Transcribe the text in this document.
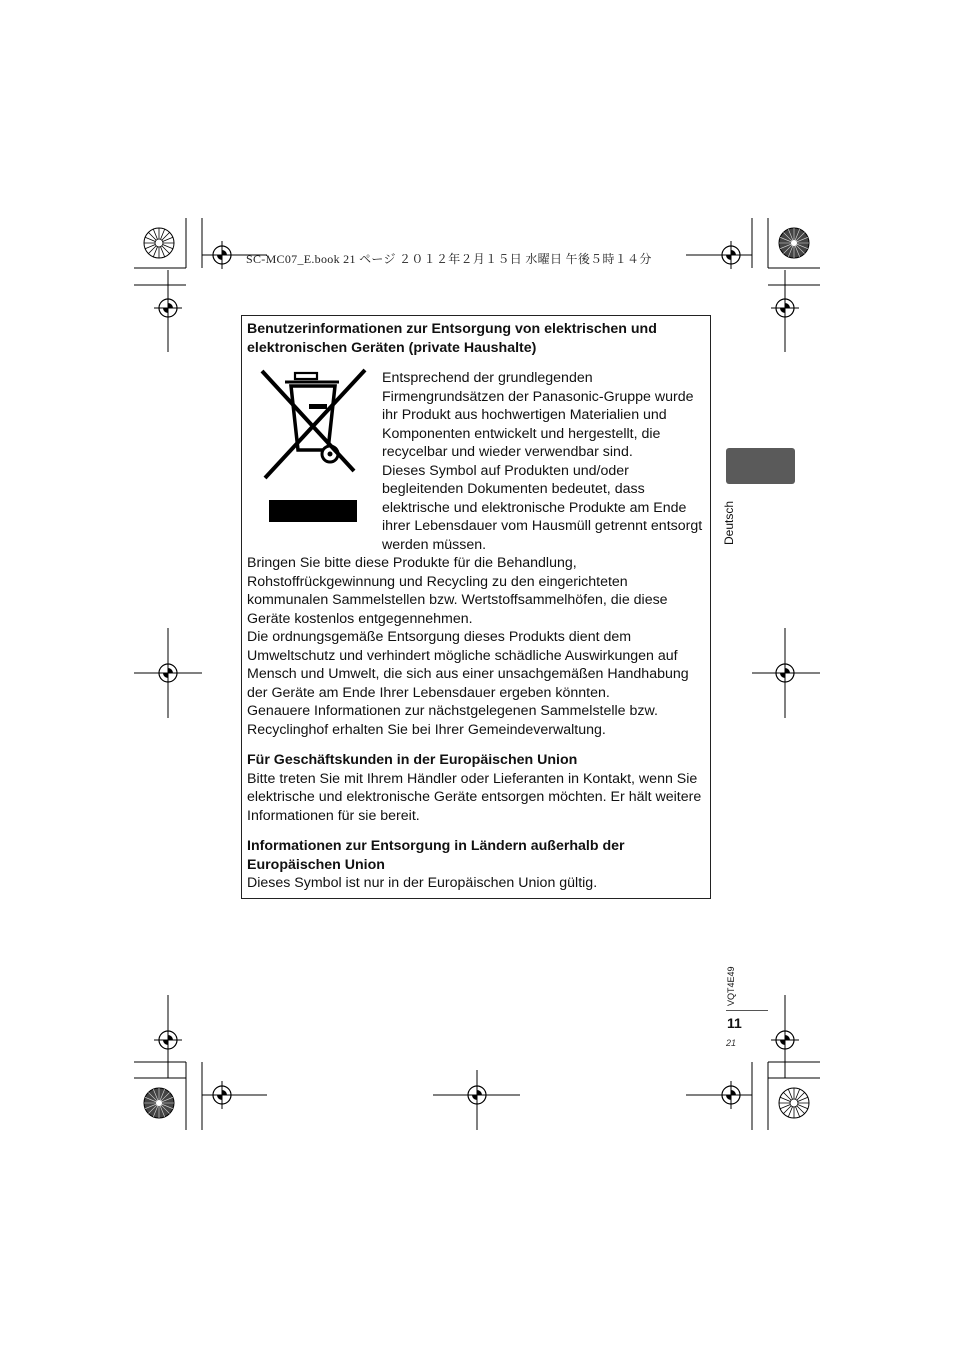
SC-MC07_E.book 21 ページ ２０１２年２月１５日 水曜日 午後５時１４分
Benutzerinformationen zur Entsorgung von elektrischen und elektronischen Geräten (private Haushalte)

Entsprechend der grundlegenden Firmengrundsätzen der Panasonic-Gruppe wurde ihr Produkt aus hochwertigen Materialien und Komponenten entwickelt und hergestellt, die recycelbar und wieder verwendbar sind.

Dieses Symbol auf Produkten und/oder begleitenden Dokumenten bedeutet, dass elektrische und elektronische Produkte am Ende ihrer Lebensdauer vom Hausmüll getrennt entsorgt werden müssen.

Bringen Sie bitte diese Produkte für die Behandlung, Rohstoffrückgewinnung und Recycling zu den eingerichteten kommunalen Sammelstellen bzw. Wertstoffsammelhöfen, die diese Geräte kostenlos entgegennehmen.

Die ordnungsgemäße Entsorgung dieses Produkts dient dem Umweltschutz und verhindert mögliche schädliche Auswirkungen auf Mensch und Umwelt, die sich aus einer unsachgemäßen Handhabung der Geräte am Ende Ihrer Lebensdauer ergeben könnten.

Genauere Informationen zur nächstgelegenen Sammelstelle bzw. Recyclinghof erhalten Sie bei Ihrer Gemeindeverwaltung.

Für Geschäftskunden in der Europäischen Union

Bitte treten Sie mit Ihrem Händler oder Lieferanten in Kontakt, wenn Sie elektrische und elektronische Geräte entsorgen möchten. Er hält weitere Informationen für sie bereit.

Informationen zur Entsorgung in Ländern außerhalb der Europäischen Union

Dieses Symbol ist nur in der Europäischen Union gültig.

Deutsch
VQT4E49
11
21
